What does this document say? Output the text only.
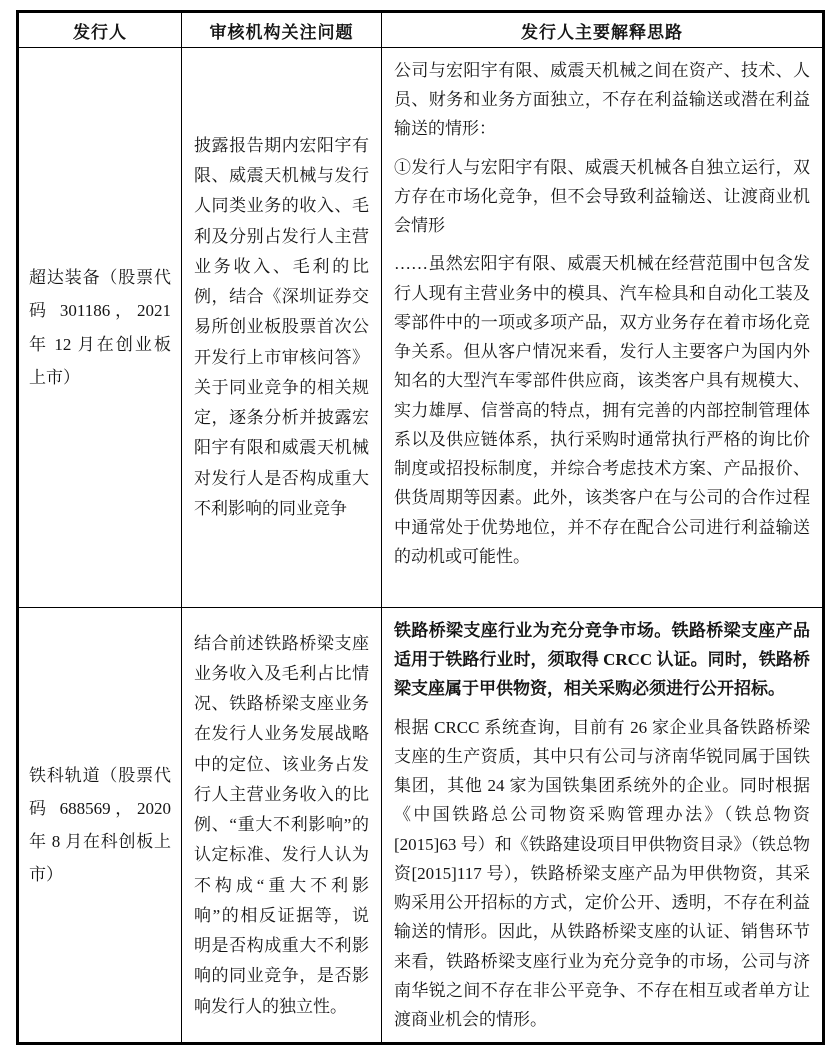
发行人	审核机构关注问题	发行人主要解释思路
超达装备（股票代码 301186，2021 年 12 月在创业板上市）	披露报告期内宏阳宇有限、威震天机械与发行人同类业务的收入、毛利及分别占发行人主营业务收入、毛利的比例，结合《深圳证券交易所创业板股票首次公开发行上市审核问答》关于同业竞争的相关规定，逐条分析并披露宏阳宇有限和威震天机械对发行人是否构成重大不利影响的同业竞争	公司与宏阳宇有限、威震天机械之间在资产、技术、人员、财务和业务方面独立，不存在利益输送或潜在利益输送的情形：

①发行人与宏阳宇有限、威震天机械各自独立运行，双方存在市场化竞争，但不会导致利益输送、让渡商业机会情形

……虽然宏阳宇有限、威震天机械在经营范围中包含发行人现有主营业务中的模具、汽车检具和自动化工装及零部件中的一项或多项产品，双方业务存在着市场化竞争关系。但从客户情况来看，发行人主要客户为国内外知名的大型汽车零部件供应商，该类客户具有规模大、实力雄厚、信誉高的特点，拥有完善的内部控制管理体系以及供应链体系，执行采购时通常执行严格的询比价制度或招投标制度，并综合考虑技术方案、产品报价、供货周期等因素。此外，该类客户在与公司的合作过程中通常处于优势地位，并不存在配合公司进行利益输送的动机或可能性。

铁科轨道（股票代码 688569，2020 年 8 月在科创板上市）	结合前述铁路桥梁支座业务收入及毛利占比情况、铁路桥梁支座业务在发行人业务发展战略中的定位、该业务占发行人主营业务收入的比例、“重大不利影响”的认定标准、发行人认为不构成“重大不利影响”的相反证据等，说明是否构成重大不利影响的同业竞争，是否影响发行人的独立性。	铁路桥梁支座行业为充分竞争市场。铁路桥梁支座产品适用于铁路行业时，须取得 CRCC 认证。同时，铁路桥梁支座属于甲供物资，相关采购必须进行公开招标。

根据 CRCC 系统查询，目前有 26 家企业具备铁路桥梁支座的生产资质，其中只有公司与济南华锐同属于国铁集团，其他 24 家为国铁集团系统外的企业。同时根据《中国铁路总公司物资采购管理办法》（铁总物资[2015]63 号）和《铁路建设项目甲供物资目录》（铁总物资[2015]117 号），铁路桥梁支座产品为甲供物资，其采购采用公开招标的方式，定价公开、透明，不存在利益输送的情形。因此，从铁路桥梁支座的认证、销售环节来看，铁路桥梁支座行业为充分竞争的市场，公司与济南华锐之间不存在非公平竞争、不存在相互或者单方让渡商业机会的情形。
